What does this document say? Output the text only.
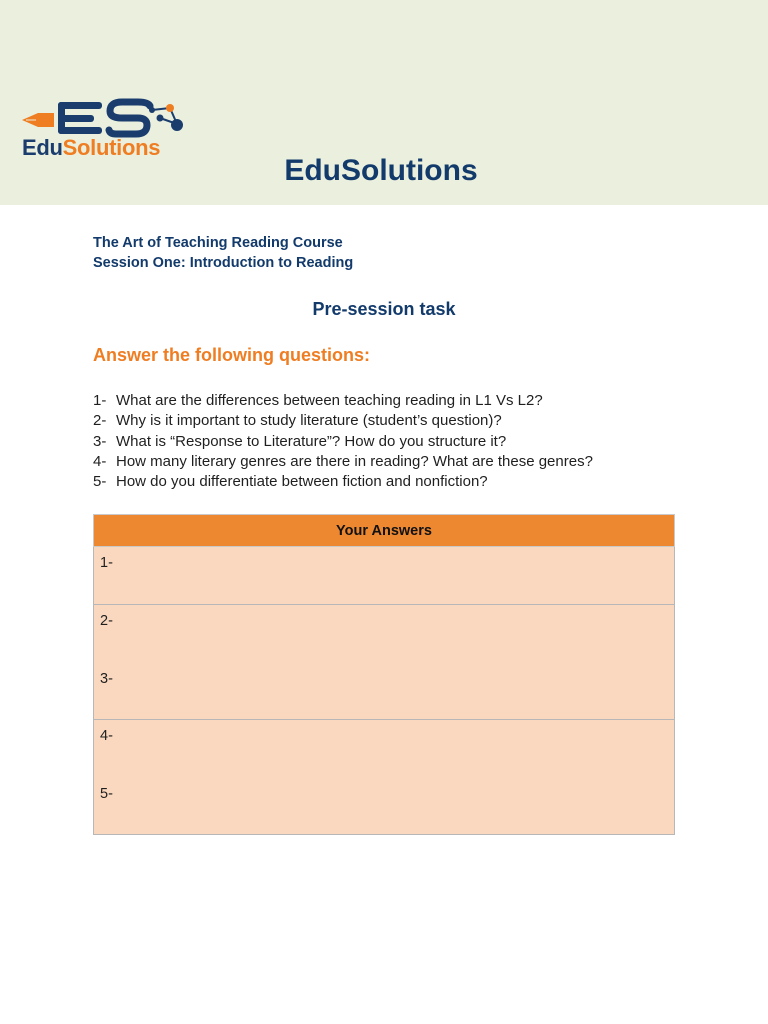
EduSolutions
EduSolutions
The Art of Teaching Reading Course
Session One: Introduction to Reading
Pre-session task
Answer the following questions:
1- What are the differences between teaching reading in L1 Vs L2?
2- Why is it important to study literature (student’s question)?
3- What is “Response to Literature”? How do you structure it?
4- How many literary genres are there in reading? What are these genres?
5- How do you differentiate between fiction and nonfiction?
Your Answers

1-

2-
3-

4-
5-
